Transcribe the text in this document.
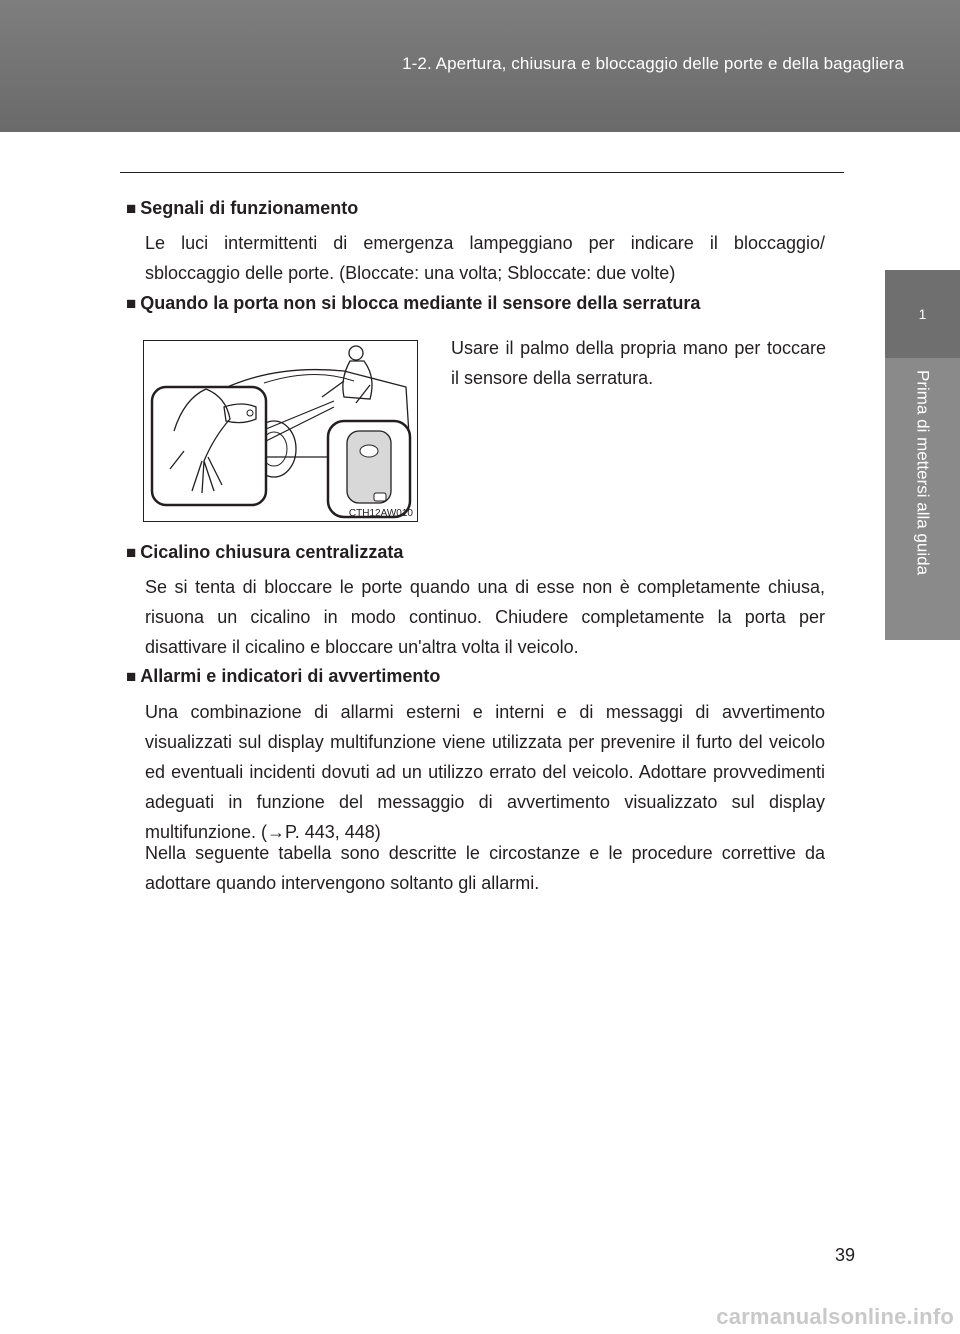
1-2. Apertura, chiusura e bloccaggio delle porte e della bagagliera
1
Prima di mettersi alla guida
■ Segnali di funzionamento

Le luci intermittenti di emergenza lampeggiano per indicare il bloccaggio/ sbloccaggio delle porte. (Bloccate: una volta; Sbloccate: due volte)

■ Quando la porta non si blocca mediante il sensore della serratura

Usare il palmo della propria mano per toccare il sensore della serratura.

CTH12AW010
■ Cicalino chiusura centralizzata

Se si tenta di bloccare le porte quando una di esse non è completamente chiusa, risuona un cicalino in modo continuo. Chiudere completamente la porta per disattivare il cicalino e bloccare un'altra volta il veicolo.

■ Allarmi e indicatori di avvertimento

Una combinazione di allarmi esterni e interni e di messaggi di avvertimento visualizzati sul display multifunzione viene utilizzata per prevenire il furto del veicolo ed eventuali incidenti dovuti ad un utilizzo errato del veicolo. Adottare provvedimenti adeguati in funzione del messaggio di avvertimento visualizzato sul display multifunzione. (→P. 443, 448)

Nella seguente tabella sono descritte le circostanze e le procedure correttive da adottare quando intervengono soltanto gli allarmi.

39
carmanualsonline.info
